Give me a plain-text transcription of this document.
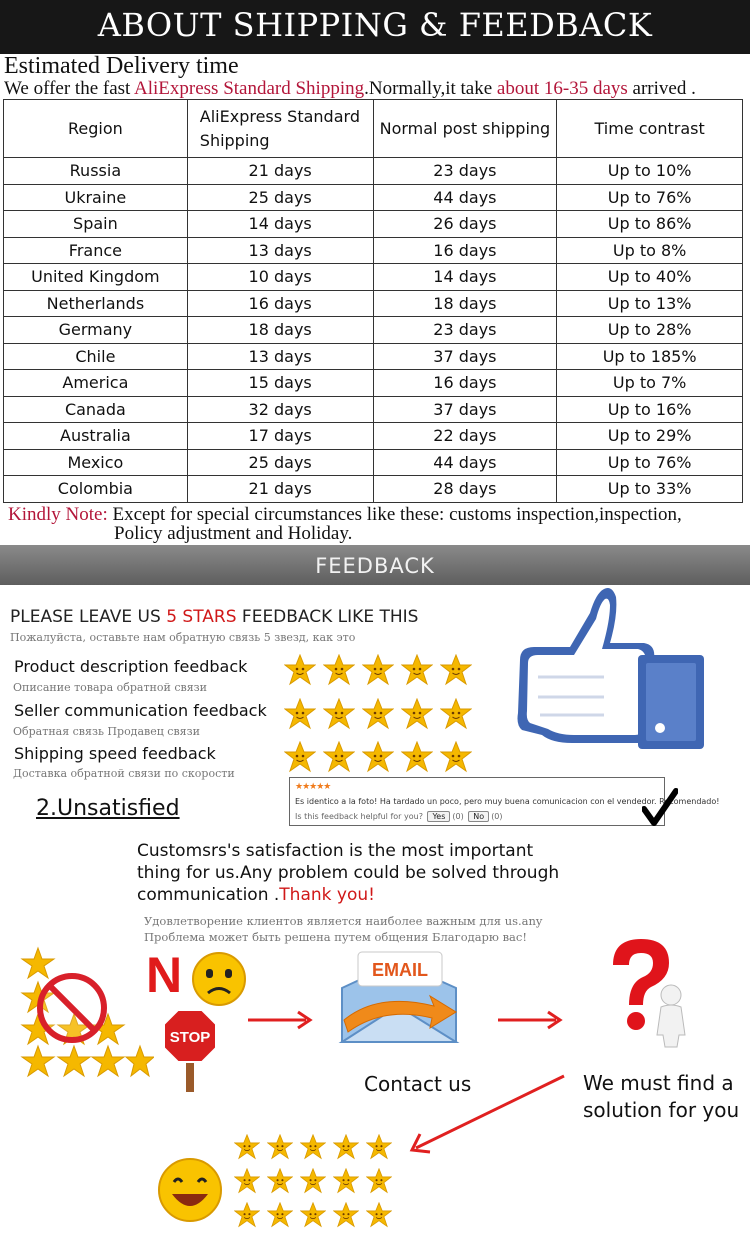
ABOUT SHIPPING & FEEDBACK
Estimated Delivery time
We offer the fast AliExpress Standard Shipping.Normally,it take about 16-35 days arrived .
Region	AliExpress Standard Shipping	Normal post shipping	Time contrast
Russia	21 days	23 days	Up to 10%
Ukraine	25 days	44 days	Up to 76%
Spain	14 days	26 days	Up to 86%
France	13 days	16 days	Up to 8%
United Kingdom	10 days	14 days	Up to 40%
Netherlands	16 days	18 days	Up to 13%
Germany	18 days	23 days	Up to 28%
Chile	13 days	37 days	Up to 185%
America	15 days	16 days	Up to 7%
Canada	32 days	37 days	Up to 16%
Australia	17 days	22 days	Up to 29%
Mexico	25 days	44 days	Up to 76%
Colombia	21 days	28 days	Up to 33%
Kindly Note: Except for special circumstances like these: customs inspection,inspection,
Policy adjustment and Holiday.
FEEDBACK
PLEASE LEAVE US 5 STARS FEEDBACK LIKE THIS
Пожалуйста, оставьте нам обратную связь 5 звезд, как это
Product description feedback
Описание товара обратной связи
Seller communication feedback
Обратная связь Продавец связи
Shipping speed feedback
Доставка обратной связи по скорости
★★★★★
Es identico a la foto! Ha tardado un poco, pero muy buena comunicacion con el vendedor. Recomendado!
Is this feedback helpful for you? Yes (0) No (0)
2.Unsatisfied
Customsrs's satisfaction is the most important thing for us.Any problem could be solved through communication .Thank you!
Удовлетворение клиентов является наиболее важным для us.any
Проблема может быть решена путем общения Благодарю вас!
N
STOP
EMAIL
Contact us	We must find a
solution for you
